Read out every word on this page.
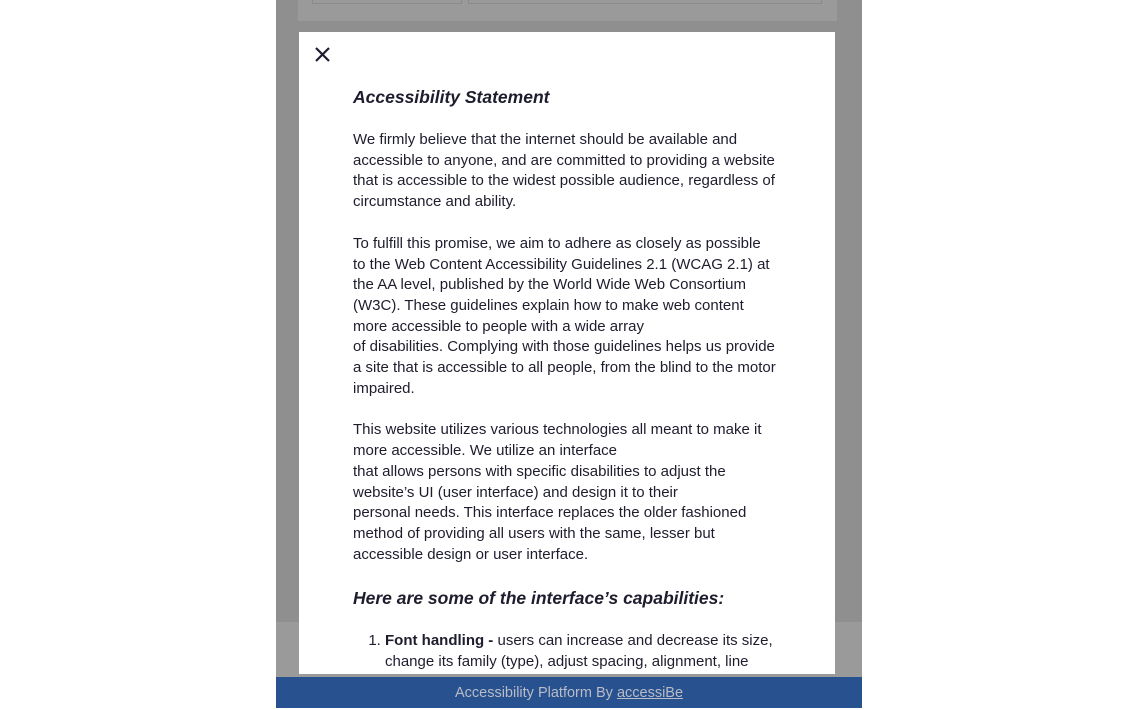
Accessibility Statement

We firmly believe that the internet should be available and
accessible to anyone, and are committed to providing a website
that is accessible to the widest possible audience, regardless of
circumstance and ability.

To fulfill this promise, we aim to adhere as closely as possible
to the Web Content Accessibility Guidelines 2.1 (WCAG 2.1) at
the AA level, published by the World Wide Web Consortium
(W3C). These guidelines explain how to make web content
more accessible to people with a wide array
of disabilities. Complying with those guidelines helps us provide
a site that is accessible to all people, from the blind to the motor
impaired.

This website utilizes various technologies all meant to make it
more accessible. We utilize an interface
that allows persons with specific disabilities to adjust the
website’s UI (user interface) and design it to their
personal needs. This interface replaces the older fashioned
method of providing all users with the same, lesser but
accessible design or user interface.

Here are some of the interface’s capabilities:
1. Font handling - users can increase and decrease its size,
change its family (type), adjust spacing, alignment, line
Accessibility Platform By accessiBe
